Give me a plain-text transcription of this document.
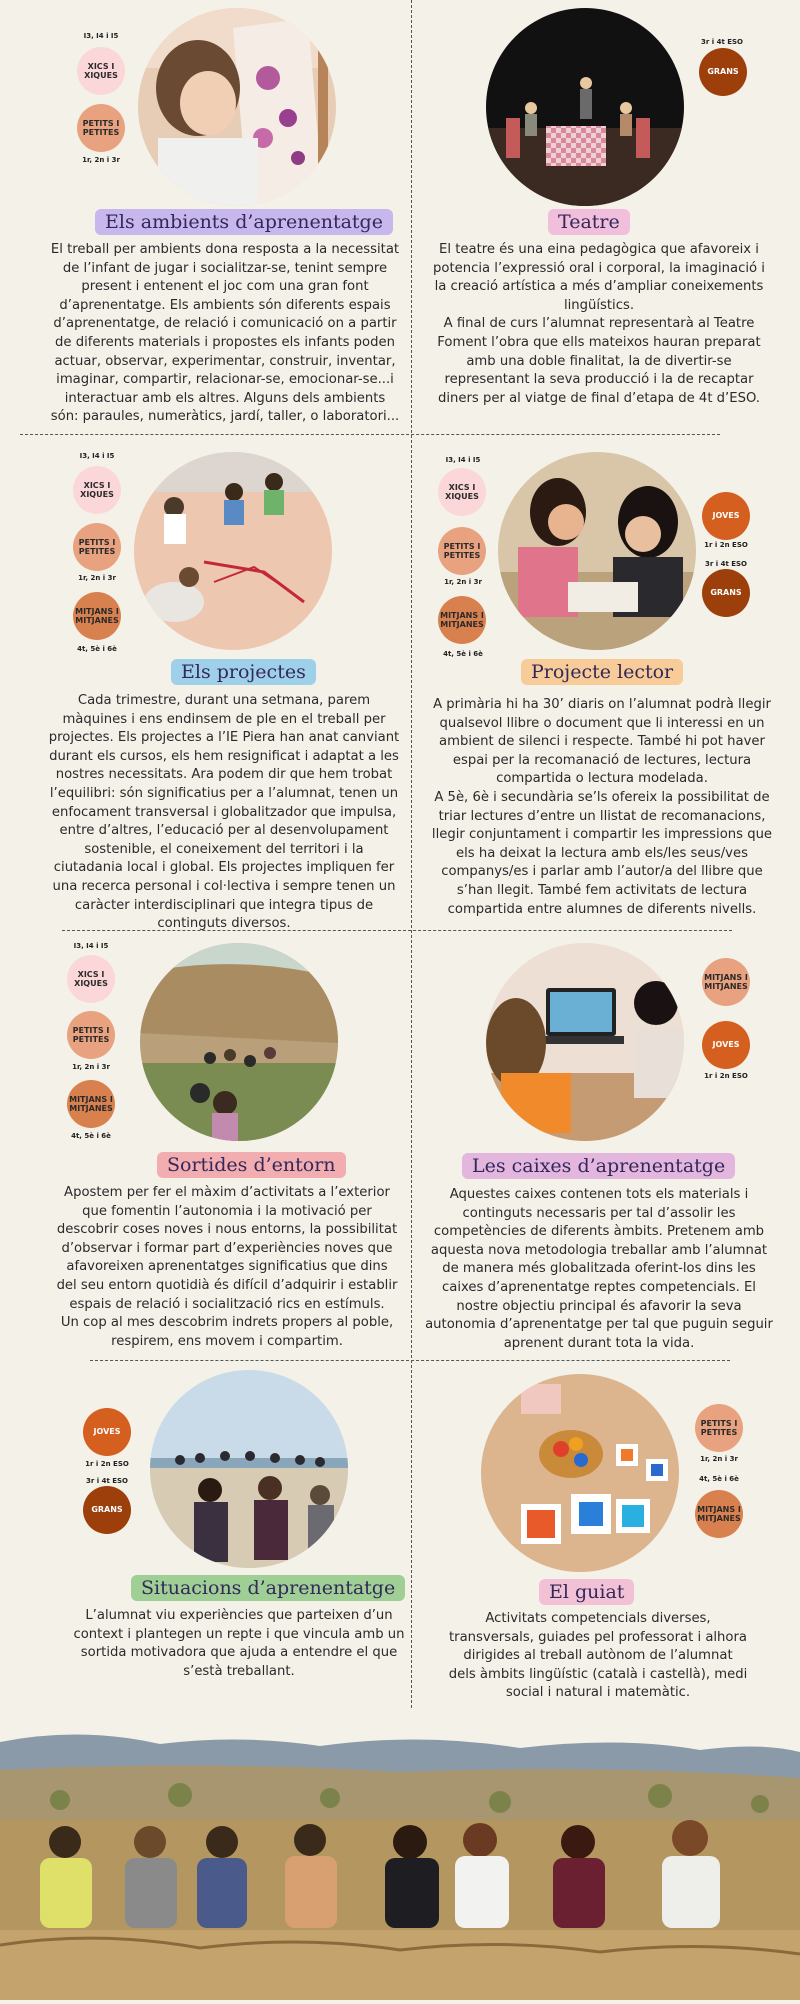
I3, I4 i I5
XICS I XIQUES
PETITS I PETITES
1r, 2n i 3r
Els ambients d’aprenentatge
El treball per ambients dona resposta a la necessitat de l’infant de jugar i socialitzar-se, tenint sempre present i entenent el joc com una gran font d’aprenentatge. Els ambients són diferents espais d’aprenentatge, de relació i comunicació on a partir de diferents materials i propostes els infants poden actuar, observar, experimentar, construir, inventar, imaginar, compartir, relacionar-se, emocionar-se...i interactuar amb els altres. Alguns dels ambients són: paraules, numeràtics, jardí, taller, o laboratori...
3r i 4t ESO
GRANS
Teatre

El teatre és una eina pedagògica que afavoreix i potencia l’expressió oral i corporal, la imaginació i la creació artística a més d’ampliar coneixements lingüístics.

A final de curs l’alumnat representarà al Teatre Foment l’obra que ells mateixos hauran preparat amb una doble finalitat, la de divertir-se representant la seva producció i la de recaptar diners per al viatge de final d’etapa de 4t d’ESO.

I3, I4 i I5
XICS I XIQUES
PETITS I PETITES
1r, 2n i 3r
MITJANS I MITJANES
4t, 5è i 6è
Els projectes
Cada trimestre, durant una setmana, parem màquines i ens endinsem de ple en el treball per projectes. Els projectes a l’IE Piera han anat canviant durant els cursos, els hem resignificat i adaptat a les nostres necessitats. Ara podem dir que hem trobat l’equilibri: són significatius per a l’alumnat, tenen un enfocament transversal i globalitzador que impulsa, entre d’altres, l’educació per al desenvolupament sostenible, el coneixement del territori i la ciutadania local i global. Els projectes impliquen fer una recerca personal i col·lectiva i sempre tenen un caràcter interdisciplinari que integra tipus de continguts diversos.
I3, I4 i I5
XICS I XIQUES
PETITS I PETITES
1r, 2n i 3r
MITJANS I MITJANES
4t, 5è i 6è
1r i 2n ESO
JOVES
3r i 4t ESO
GRANS
Projecte lector

A primària hi ha 30’ diaris on l’alumnat podrà llegir qualsevol llibre o document que li interessi en un ambient de silenci i respecte. També hi pot haver espai per la recomanació de lectures, lectura compartida o lectura modelada.

A 5è, 6è i secundària se’ls ofereix la possibilitat de triar lectures d’entre un llistat de recomanacions, llegir conjuntament i compartir les impressions que els ha deixat la lectura amb els/les seus/ves companys/es i parlar amb l’autor/a del llibre que s’han llegit. També fem activitats de lectura compartida entre alumnes de diferents nivells.

I3, I4 i I5
XICS I XIQUES
PETITS I PETITES
1r, 2n i 3r
MITJANS I MITJANES
4t, 5è i 6è
Sortides d’entorn

Apostem per fer el màxim d’activitats a l’exterior que fomentin l’autonomia i la motivació per descobrir coses noves i nous entorns, la possibilitat d’observar i formar part d’experiències noves que afavoreixen aprenentatges significatius que dins del seu entorn quotidià és difícil d’adquirir i establir espais de relació i socialització rics en estímuls.

Un cop al mes descobrim indrets propers al poble, respirem, ens movem i compartim.

MITJANS I MITJANES
JOVES
1r i 2n ESO
Les caixes d’aprenentatge
Aquestes caixes contenen tots els materials i continguts necessaris per tal d’assolir les competències de diferents àmbits. Pretenem amb aquesta nova metodologia treballar amb l’alumnat de manera més globalitzada oferint-los dins les caixes d’aprenentatge reptes competencials. El nostre objectiu principal és afavorir la seva autonomia d’aprenentatge per tal que puguin seguir aprenent durant tota la vida.
JOVES
1r i 2n ESO
3r i 4t ESO
GRANS
Situacions d’aprenentatge
L’alumnat viu experiències que parteixen d’un context i plantegen un repte i que vincula amb un sortida motivadora que ajuda a entendre el que s’està treballant.
PETITS I PETITES
1r, 2n i 3r
4t, 5è i 6è
MITJANS I MITJANES
El guiat
Activitats competencials diverses, transversals, guiades pel professorat i alhora dirigides al treball autònom de l’alumnat dels àmbits lingüístic (català i castellà), medi social i natural i matemàtic.
